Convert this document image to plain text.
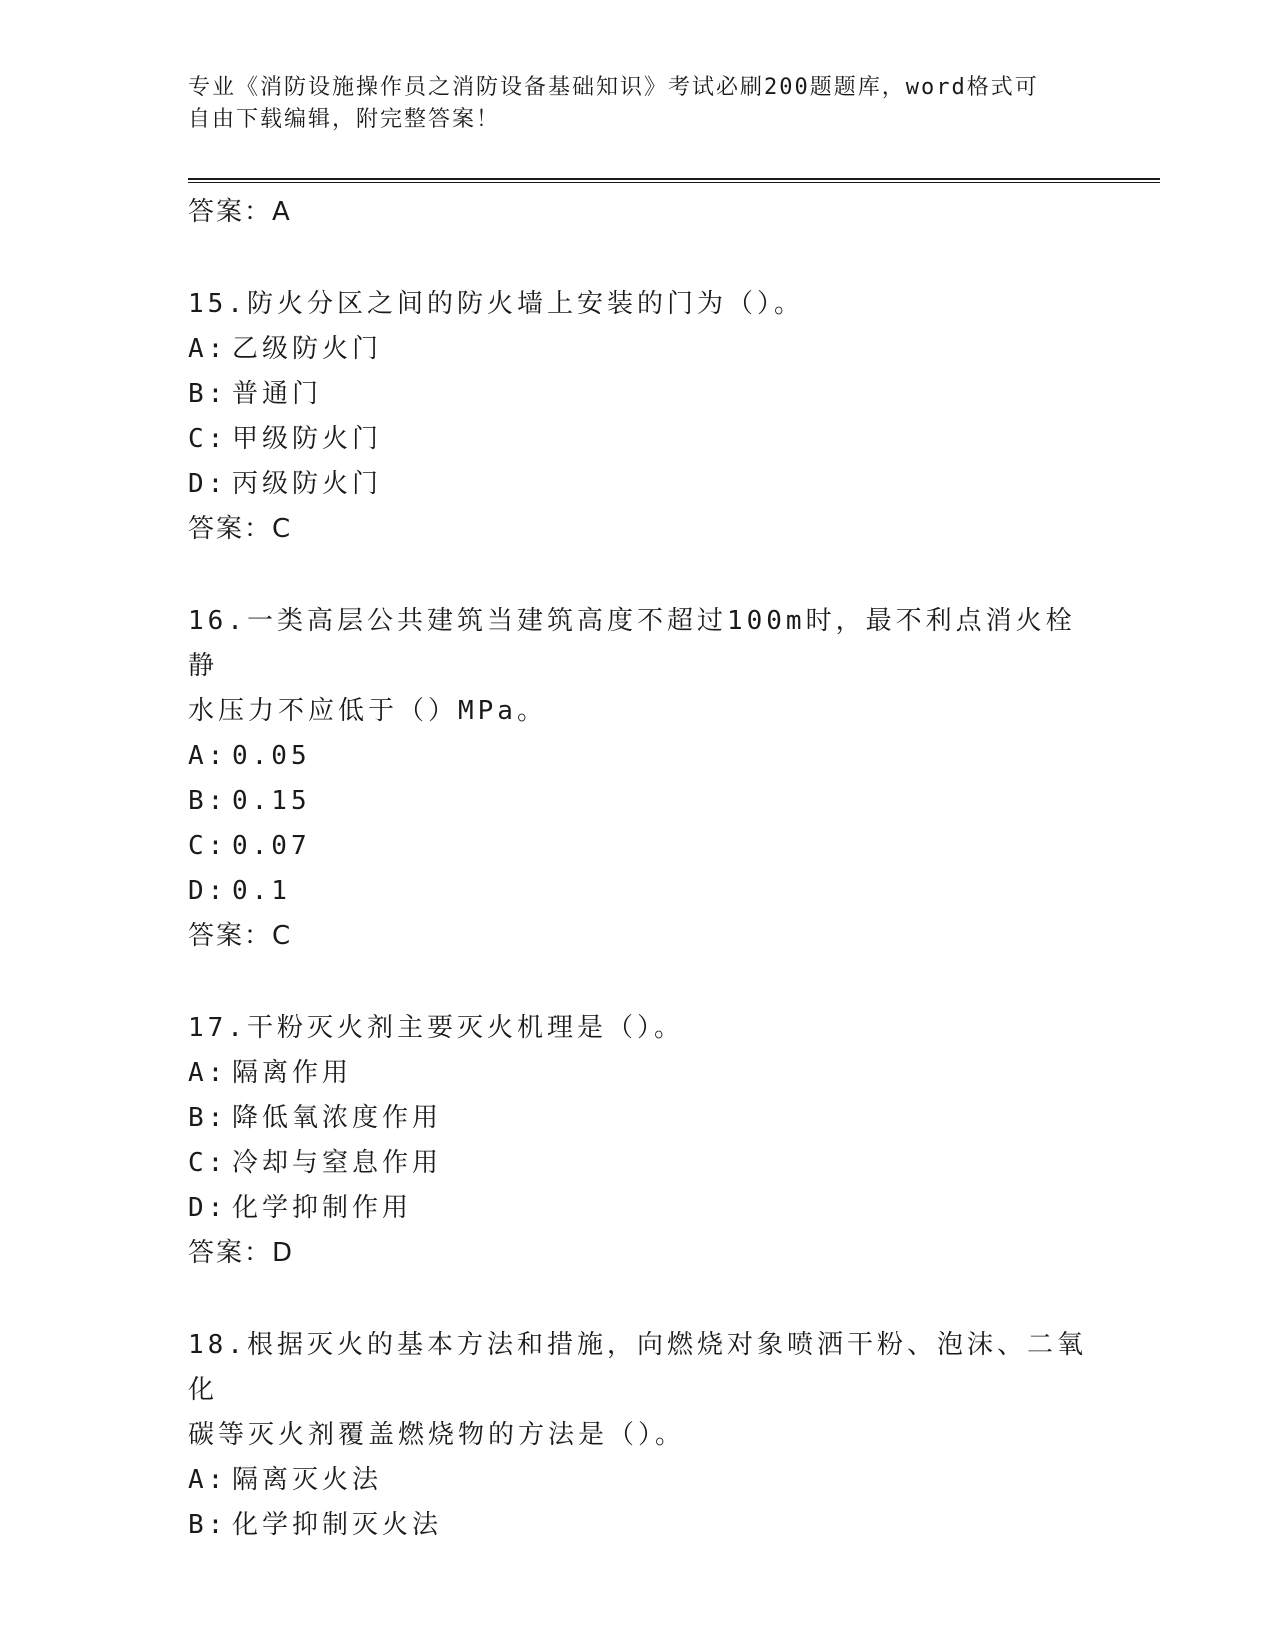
专业《消防设施操作员之消防设备基础知识》考试必刷200题题库，word格式可
自由下载编辑，附完整答案！
答案：A
15.防火分区之间的防火墙上安装的门为（）。
A: 乙级防火门
B: 普通门
C: 甲级防火门
D: 丙级防火门
答案：C
16.一类高层公共建筑当建筑高度不超过100m时，最不利点消火栓静
水压力不应低于（）MPa。
A: 0.05
B: 0.15
C: 0.07
D: 0.1
答案：C
17.干粉灭火剂主要灭火机理是（）。
A: 隔离作用
B: 降低氧浓度作用
C: 冷却与窒息作用
D: 化学抑制作用
答案：D
18.根据灭火的基本方法和措施，向燃烧对象喷洒干粉、泡沫、二氧化
碳等灭火剂覆盖燃烧物的方法是（）。
A: 隔离灭火法
B: 化学抑制灭火法
